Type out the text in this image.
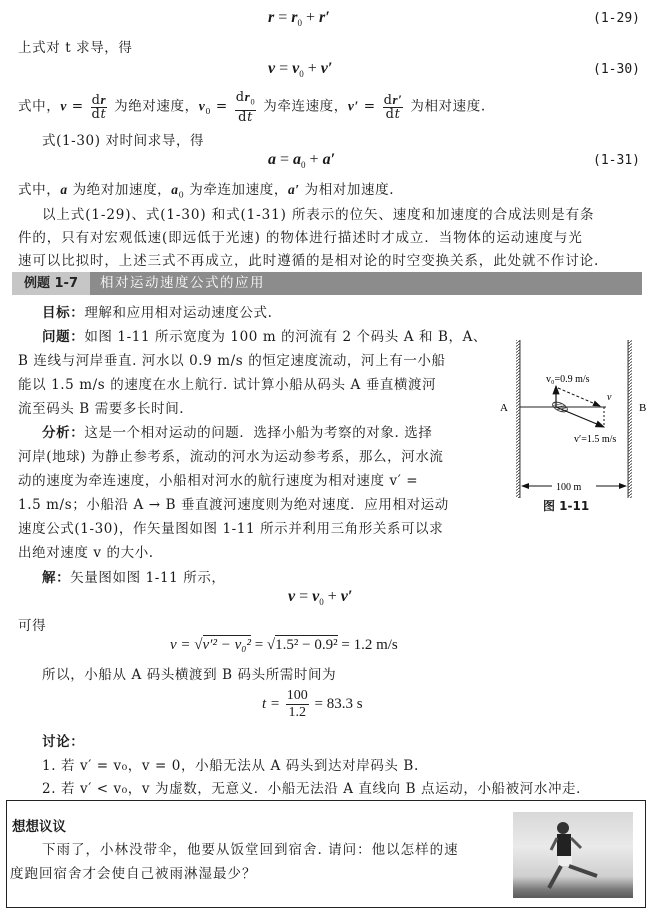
$r = r_0 + r'$	(1-29)
上式对 t 求导，得
$v = v_0 + v'$	(1-30)
式中，$v = \frac{dr}{dt}$ 为绝对速度，$v_0 = \frac{dr_0}{dt}$ 为牵连速度，$v' = \frac{dr'}{dt}$ 为相对速度.
式(1-30) 对时间求导，得
$a = a_0 + a'$	(1-31)
式中，a 为绝对加速度，$a_0$ 为牵连加速度，a′ 为相对加速度.
以上式(1-29)、式(1-30) 和式(1-31) 所表示的位矢、速度和加速度的合成法则是有条
件的，只有对宏观低速(即远低于光速) 的物体进行描述时才成立．当物体的运动速度与光
速可以比拟时，上述三式不再成立，此时遵循的是相对论的时空变换关系，此处就不作讨论.
例题 1-7	相对运动速度公式的应用
目标：理解和应用相对运动速度公式.
问题：如图 1-11 所示宽度为 100 m 的河流有 2 个码头 A 和 B，A、
B 连线与河岸垂直. 河水以 0.9 m/s 的恒定速度流动，河上有一小船
能以 1.5 m/s 的速度在水上航行. 试计算小船从码头 A 垂直横渡河
流至码头 B 需要多长时间.
分析：这是一个相对运动的问题．选择小船为考察的对象. 选择
河岸(地球) 为静止参考系，流动的河水为运动参考系，那么，河水流
动的速度为牵连速度，小船相对河水的航行速度为相对速度 v′ =
1.5 m/s；小船沿 A → B 垂直渡河速度则为绝对速度．应用相对运动
速度公式(1-30)，作矢量图如图 1-11 所示并利用三角形关系可以求
出绝对速度 v 的大小.
A	B
v₀=0.9 m/s
v
v′=1.5 m/s
100 m
图 1-11
解：矢量图如图 1-11 所示，
$v = v_0 + v'$
可得
v = √v′² − v₀² = √1.5² − 0.9² = 1.2 m/s
所以，小船从 A 码头横渡到 B 码头所需时间为
$t = \frac{100}{1.2} = 83.3$ s
讨论：
1. 若 v′ = v₀，v = 0，小船无法从 A 码头到达对岸码头 B.
2. 若 v′ < v₀，v 为虚数，无意义．小船无法沿 A 直线向 B 点运动，小船被河水冲走．
想想议议
下雨了，小林没带伞，他要从饭堂回到宿舍. 请问：他以怎样的速
度跑回宿舍才会使自己被雨淋湿最少？
